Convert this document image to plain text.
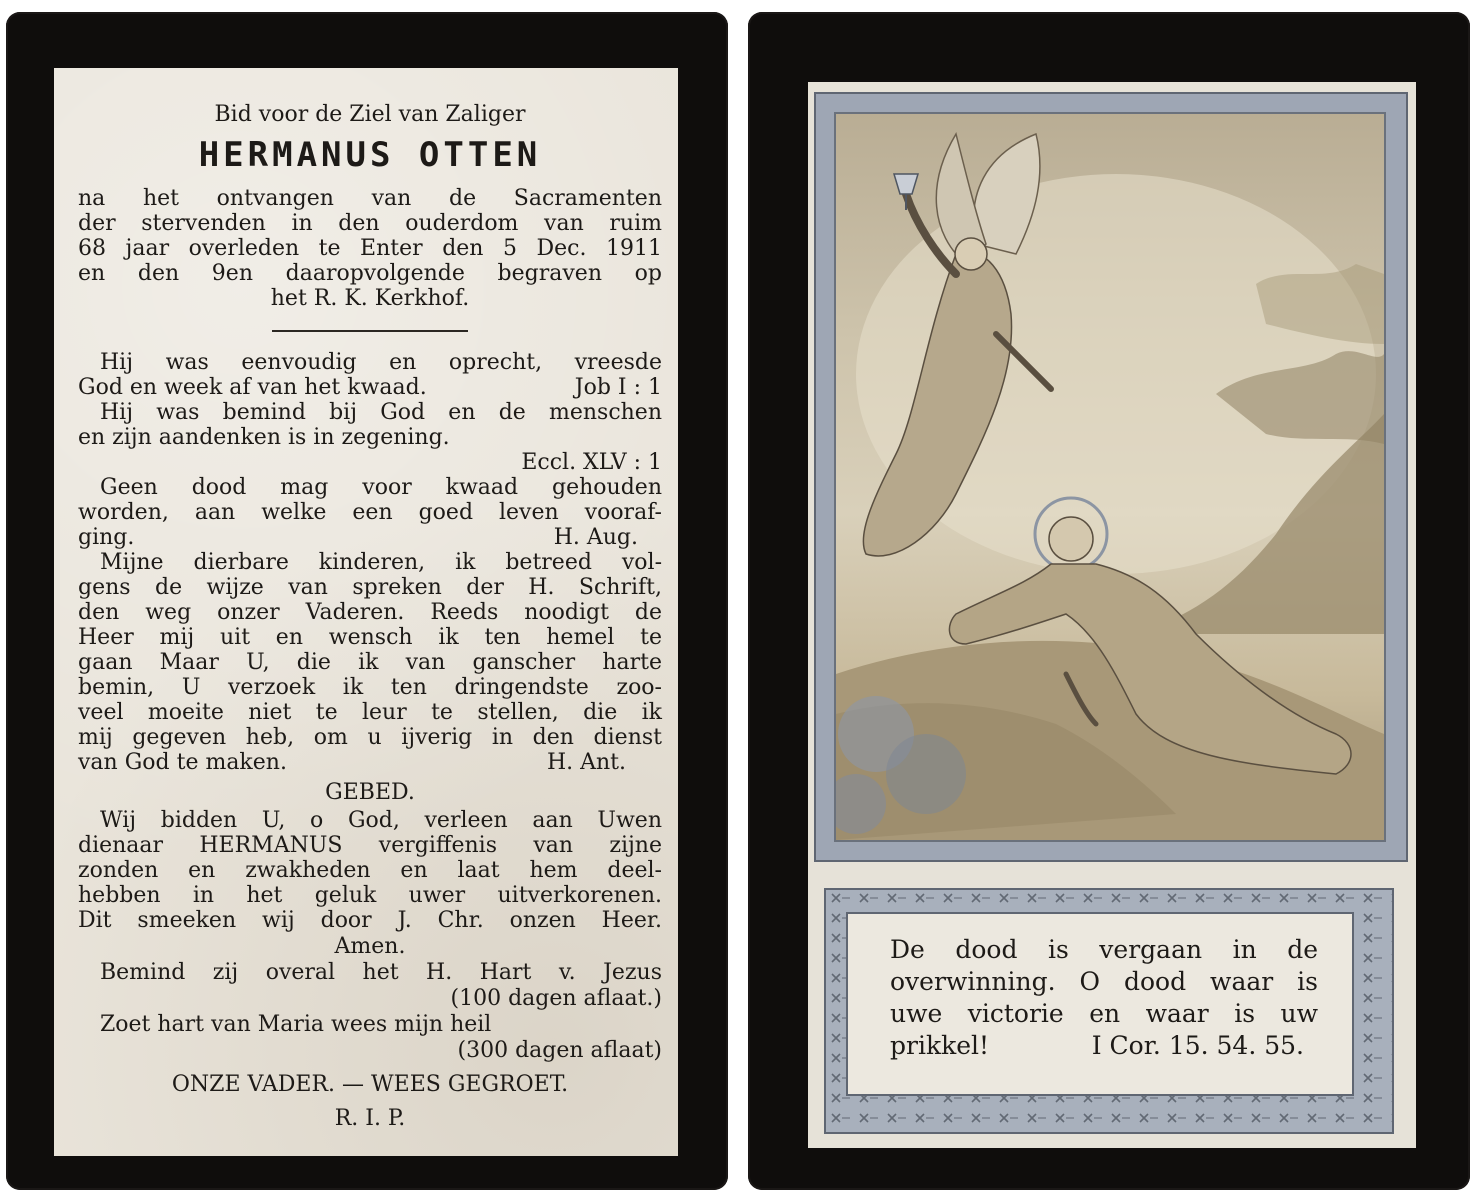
Bid voor de Ziel van Zaliger
HERMANUS OTTEN
na het ontvangen van de Sacramenten
der stervenden in den ouderdom van ruim
68 jaar overleden te Enter den 5 Dec. 1911
en den 9en daaropvolgende begraven op
het R. K. Kerkhof.
Hij was eenvoudig en oprecht, vreesde
God en week af van het kwaad.	Job I : 1
Hij was bemind bij God en de menschen
en zijn aandenken is in zegening.
Eccl. XLV : 1
Geen dood mag voor kwaad gehouden
worden, aan welke een goed leven vooraf-
ging.	H. Aug.
Mijne dierbare kinderen, ik betreed vol-
gens de wijze van spreken der H. Schrift,
den weg onzer Vaderen. Reeds noodigt de
Heer mij uit en wensch ik ten hemel te
gaan Maar U, die ik van ganscher harte
bemin, U verzoek ik ten dringendste zoo-
veel moeite niet te leur te stellen, die ik
mij gegeven heb, om u ijverig in den dienst
van God te maken.	H. Ant.
GEBED.
Wij bidden U, o God, verleen aan Uwen
dienaar HERMANUS vergiffenis van zijne
zonden en zwakheden en laat hem deel-
hebben in het geluk uwer uitverkorenen.
Dit smeeken wij door J. Chr. onzen Heer.
Amen.
Bemind zij overal het H. Hart v. Jezus
(100 dagen aflaat.)
Zoet hart van Maria wees mijn heil
(300 dagen aflaat)
ONZE VADER. — WEES GEGROET.
R. I. P.
De dood is vergaan in de
overwinning. O dood waar is
uwe victorie en waar is uw
prikkel!	I Cor. 15. 54. 55.
